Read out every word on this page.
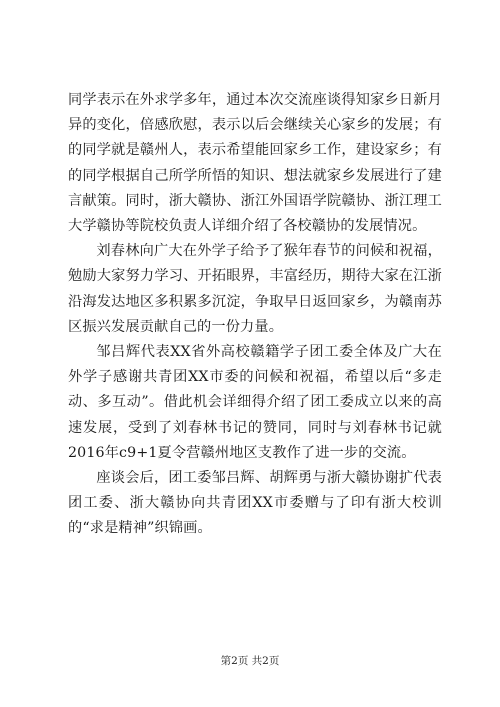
同学表示在外求学多年，通过本次交流座谈得知家乡日新月异的变化，倍感欣慰，表示以后会继续关心家乡的发展；有的同学就是赣州人，表示希望能回家乡工作，建设家乡；有的同学根据自己所学所悟的知识、想法就家乡发展进行了建言献策。同时，浙大赣协、浙江外国语学院赣协、浙江理工大学赣协等院校负责人详细介绍了各校赣协的发展情况。

刘春林向广大在外学子给予了猴年春节的问候和祝福，勉励大家努力学习、开拓眼界，丰富经历，期待大家在江浙沿海发达地区多积累多沉淀，争取早日返回家乡，为赣南苏区振兴发展贡献自己的一份力量。

邹吕辉代表XX省外高校赣籍学子团工委全体及广大在外学子感谢共青团XX市委的问候和祝福，希望以后“多走动、多互动”。借此机会详细得介绍了团工委成立以来的高速发展，受到了刘春林书记的赞同，同时与刘春林书记就2016年c9+1夏令营赣州地区支教作了进一步的交流。

座谈会后，团工委邹吕辉、胡辉勇与浙大赣协谢扩代表团工委、浙大赣协向共青团XX市委赠与了印有浙大校训的“求是精神”织锦画。

第2页 共2页
